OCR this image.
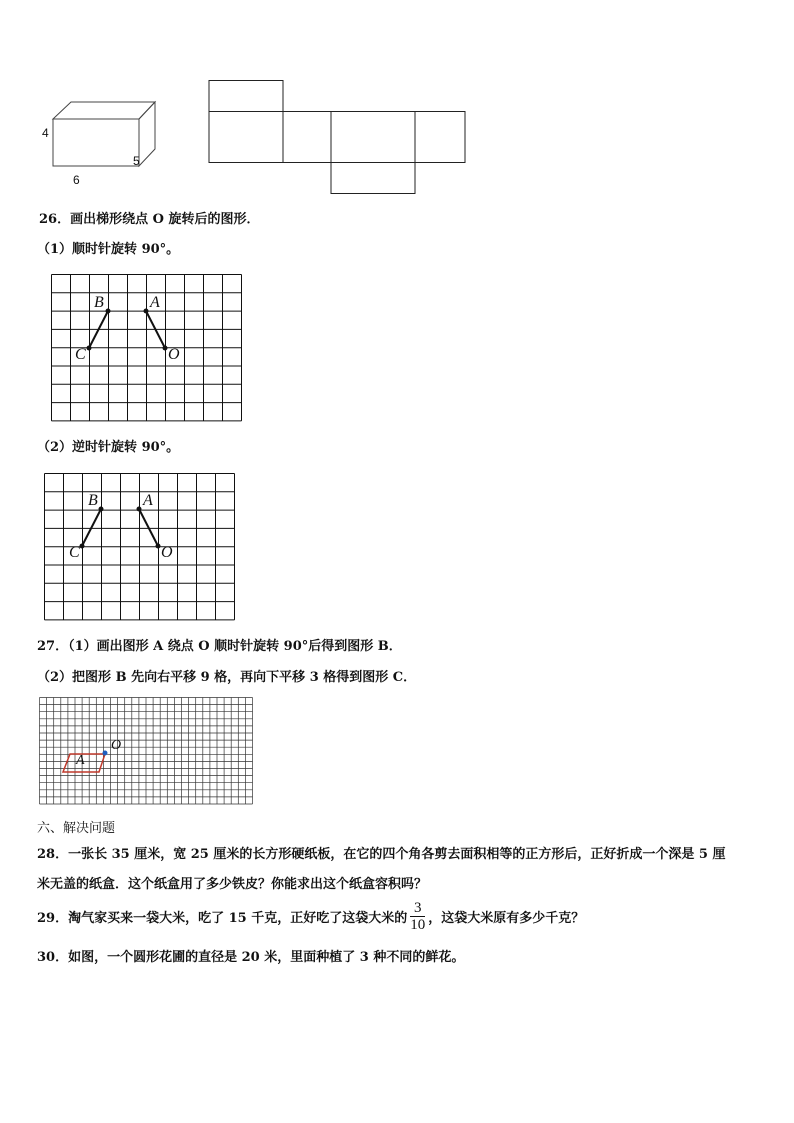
4
5
6
26．画出梯形绕点 O 旋转后的图形．
（1）顺时针旋转 90°。
B	A
C	O
（2）逆时针旋转 90°。
B	A
C	O
27．（1）画出图形 A 绕点 O 顺时针旋转 90°后得到图形 B．
（2）把图形 B 先向右平移 9 格，再向下平移 3 格得到图形 C．
A
O
六、解决问题
28．一张长 35 厘米，宽 25 厘米的长方形硬纸板，在它的四个角各剪去面积相等的正方形后，正好折成一个深是 5 厘
米无盖的纸盒．这个纸盒用了多少铁皮？你能求出这个纸盒容积吗？
29．淘气家买来一袋大米，吃了 15 千克，正好吃了这袋大米的 $\frac{3}{10}$ ，这袋大米原有多少千克？
30．如图，一个圆形花圃的直径是 20 米，里面种植了 3 种不同的鲜花。
